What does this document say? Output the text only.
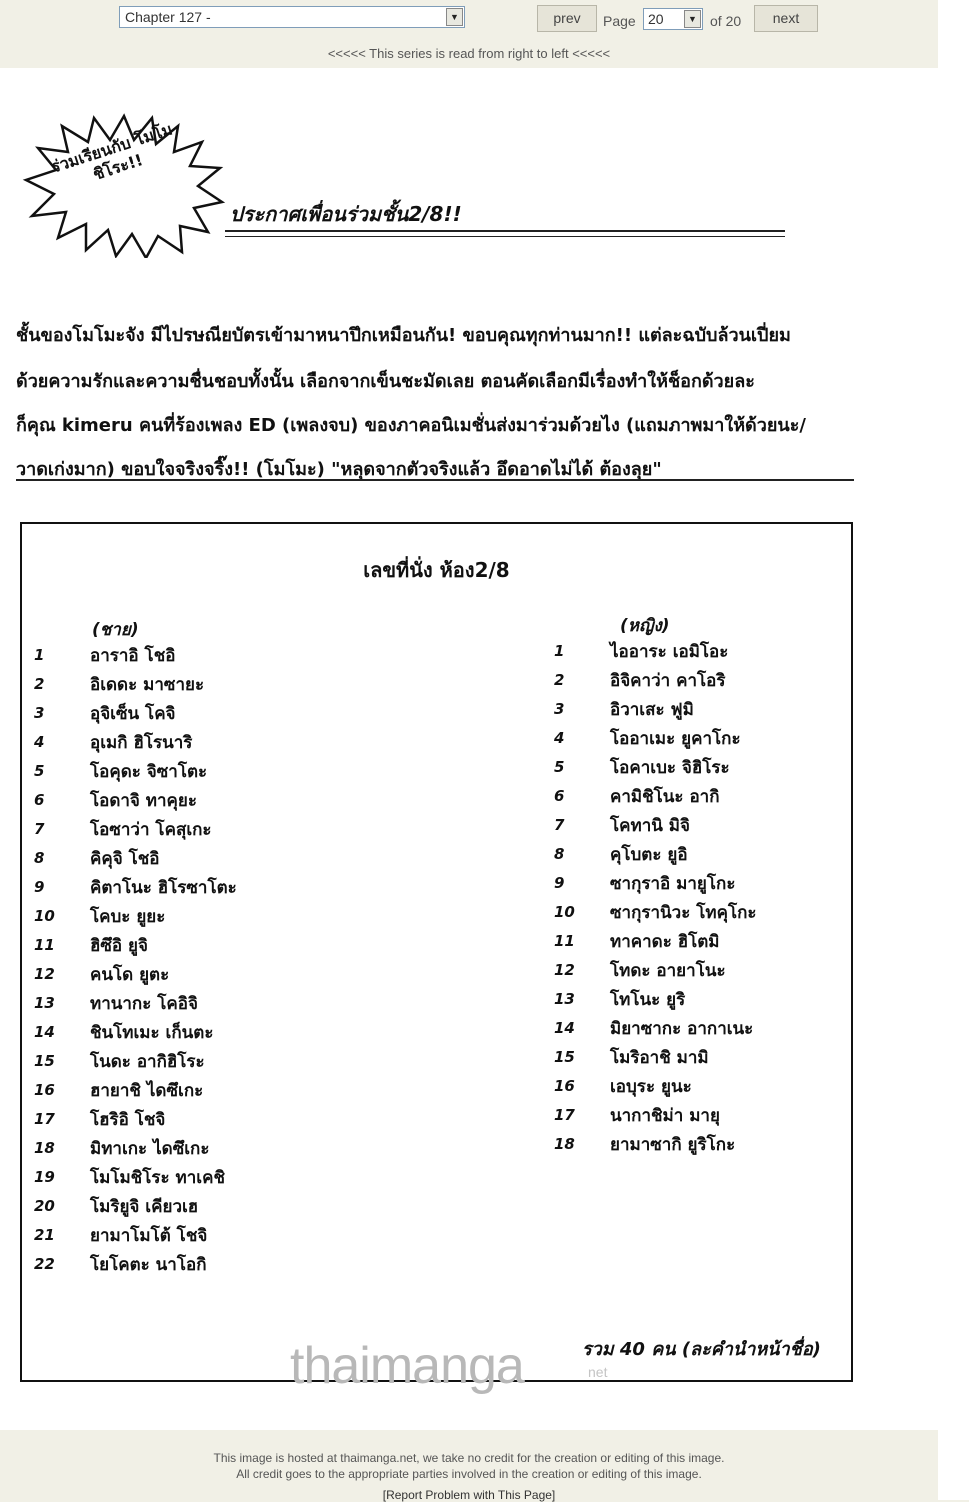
Chapter 127 -	▼	prev	Page 20	▼ of 20	next
<<<<< This series is read from right to left <<<<<
ร่วมเรียนกับ โมโมชิโระ!!
ประกาศเพื่อนร่วมชั้น2/8!!
ชั้นของโมโมะจัง มีไปรษณียบัตรเข้ามาหนาปึกเหมือนกัน! ขอบคุณทุกท่านมาก!! แต่ละฉบับล้วนเปี่ยม
ด้วยความรักและความชื่นชอบทั้งนั้น เลือกจากเข็นชะมัดเลย ตอนคัดเลือกมีเรื่องทำให้ช็อกด้วยละ
ก็คุณ kimeru คนที่ร้องเพลง ED (เพลงจบ) ของภาคอนิเมชั่นส่งมาร่วมด้วยไง (แถมภาพมาให้ด้วยนะ/
วาดเก่งมาก) ขอบใจจริงจริ๊ง!! (โมโมะ) "หลุดจากตัวจริงแล้ว อึดอาดไม่ได้ ต้องลุย"
เลขที่นั่ง ห้อง2/8
(ชาย)	(หญิง)
1	อาราอิ โชอิ
2	อิเดดะ มาซายะ
3	อุจิเซ็น โคจิ
4	อุเมกิ ฮิโรนาริ
5	โอคุดะ จิซาโตะ
6	โอดาจิ ทาคุยะ
7	โอซาว่า โคสุเกะ
8	คิคุจิ โชอิ
9	คิตาโนะ ฮิโรซาโตะ
10	โคบะ ยูยะ
11	ฮิซึอิ ยูจิ
12	คนโด ยูตะ
13	ทานากะ โคอิจิ
14	ชินโทเมะ เก็นตะ
15	โนดะ อากิฮิโระ
16	ฮายาชิ ไดซึเกะ
17	โฮริอิ โชจิ
18	มิทาเกะ ไดซึเกะ
19	โมโมชิโระ ทาเคชิ
20	โมริยูจิ เคียวเฮ
21	ยามาโมโต้ โชจิ
22	โยโคตะ นาโอกิ
1	ไออาระ เอมิโอะ
2	อิจิคาว่า คาโอริ
3	อิวาเสะ ฟูมิ
4	โออาเมะ ยูคาโกะ
5	โอคาเบะ จิฮิโระ
6	คามิชิโนะ อากิ
7	โคทานิ มิจิ
8	คุโบตะ ยูอิ
9	ซากุราอิ มายูโกะ
10	ซากุรานิวะ โทคุโกะ
11	ทาคาดะ ฮิโตมิ
12	โทดะ อายาโนะ
13	โทโนะ ยูริ
14	มิยาซากะ อากาเนะ
15	โมริอาชิ มามิ
16	เอบุระ ยูนะ
17	นากาชิม่า มายุ
18	ยามาซากิ ยูริโกะ
รวม 40 คน (ละคำนำหน้าชื่อ)
thaimanga	net
This image is hosted at thaimanga.net, we take no credit for the creation or editing of this image.
All credit goes to the appropriate parties involved in the creation or editing of this image.
[Report Problem with This Page]
